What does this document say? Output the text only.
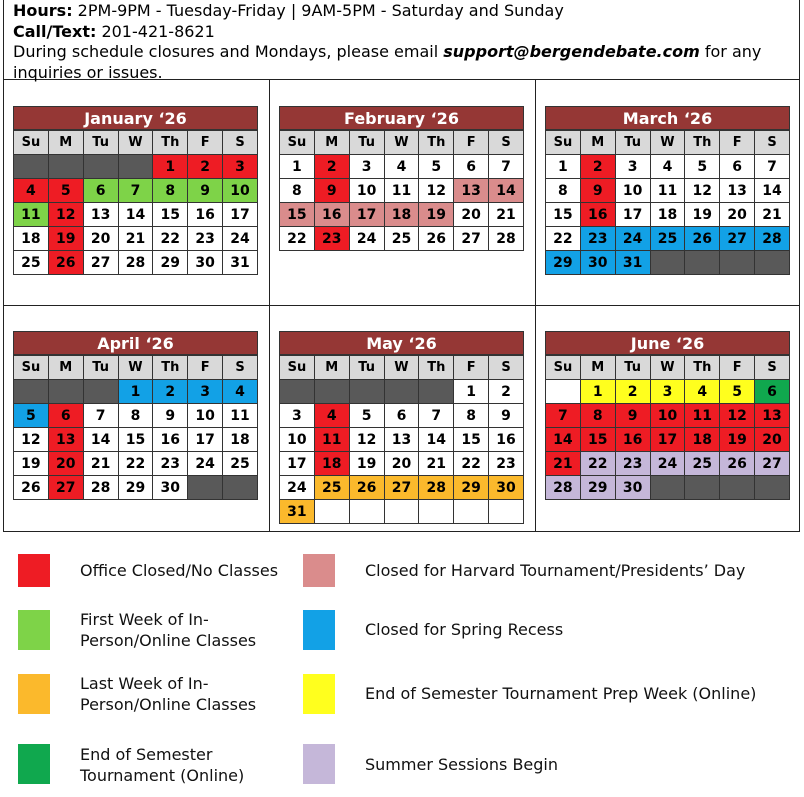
Hours: 2PM-9PM - Tuesday-Friday | 9AM-5PM - Saturday and Sunday
Call/Text: 201-421-8621
During schedule closures and Mondays, please email support@bergendebate.com for any inquiries or issues.
January ‘26
Su	M	Tu	W	Th	F	S
				1	2	3
4	5	6	7	8	9	10
11	12	13	14	15	16	17
18	19	20	21	22	23	24
25	26	27	28	29	30	31
February ‘26
Su	M	Tu	W	Th	F	S
1	2	3	4	5	6	7
8	9	10	11	12	13	14
15	16	17	18	19	20	21
22	23	24	25	26	27	28
March ‘26
Su	M	Tu	W	Th	F	S
1	2	3	4	5	6	7
8	9	10	11	12	13	14
15	16	17	18	19	20	21
22	23	24	25	26	27	28
29	30	31				
April ‘26
Su	M	Tu	W	Th	F	S
			1	2	3	4
5	6	7	8	9	10	11
12	13	14	15	16	17	18
19	20	21	22	23	24	25
26	27	28	29	30		
May ‘26
Su	M	Tu	W	Th	F	S
					1	2
3	4	5	6	7	8	9
10	11	12	13	14	15	16
17	18	19	20	21	22	23
24	25	26	27	28	29	30
31						
June ‘26
Su	M	Tu	W	Th	F	S
	1	2	3	4	5	6
7	8	9	10	11	12	13
14	15	16	17	18	19	20
21	22	23	24	25	26	27
28	29	30				
Office Closed/No Classes	Closed for Harvard Tournament/Presidents’ Day
First Week of In-
Person/Online Classes
Closed for Spring Recess
Last Week of In-
Person/Online Classes
End of Semester Tournament Prep Week (Online)
End of Semester
Tournament (Online)
Summer Sessions Begin
